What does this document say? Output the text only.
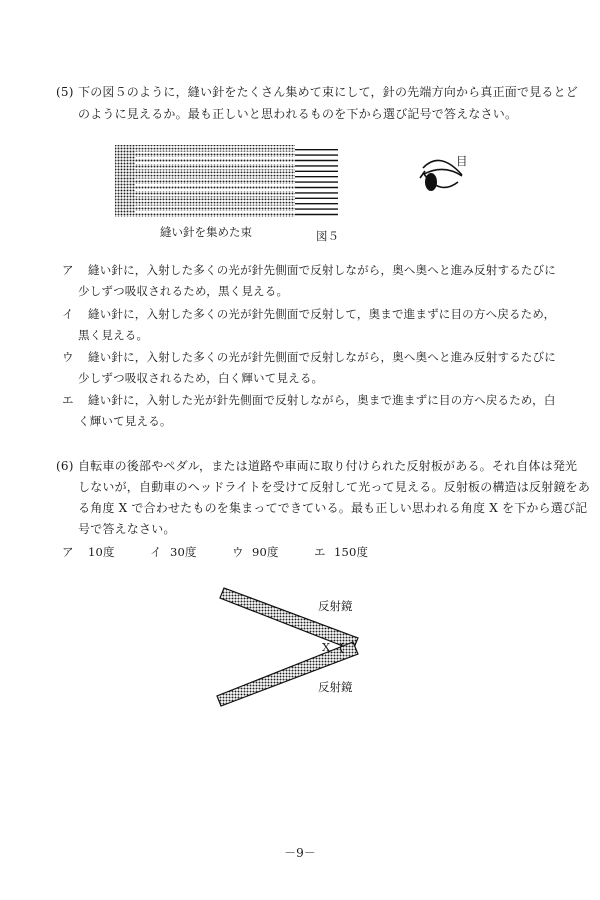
(5) 下の図５のように，縫い針をたくさん集めて束にして，針の先端方向から真正面で見るとど
のように見えるか。最も正しいと思われるものを下から選び記号で答えなさい。
縫い針を集めた束
目
図５
ア 縫い針に，入射した多くの光が針先側面で反射しながら，奥へ奥へと進み反射するたびに
少しずつ吸収されるため，黒く見える。
イ 縫い針に，入射した多くの光が針先側面で反射して，奥まで進まずに目の方へ戻るため，
黒く見える。
ウ 縫い針に，入射した多くの光が針先側面で反射しながら，奥へ奥へと進み反射するたびに
少しずつ吸収されるため，白く輝いて見える。
エ 縫い針に，入射した光が針先側面で反射しながら，奥まで進まずに目の方へ戻るため，白
く輝いて見える。
(6) 自転車の後部やペダル，または道路や車両に取り付けられた反射板がある。それ自体は発光
しないが，自動車のヘッドライトを受けて反射して光って見える。反射板の構造は反射鏡をあ
る角度 X で合わせたものを集まってできている。最も正しい思われる角度 X を下から選び記
号で答えなさい。
ア 10度	イ 30度	ウ 90度	エ 150度
反射鏡
X
反射鏡
－9－
